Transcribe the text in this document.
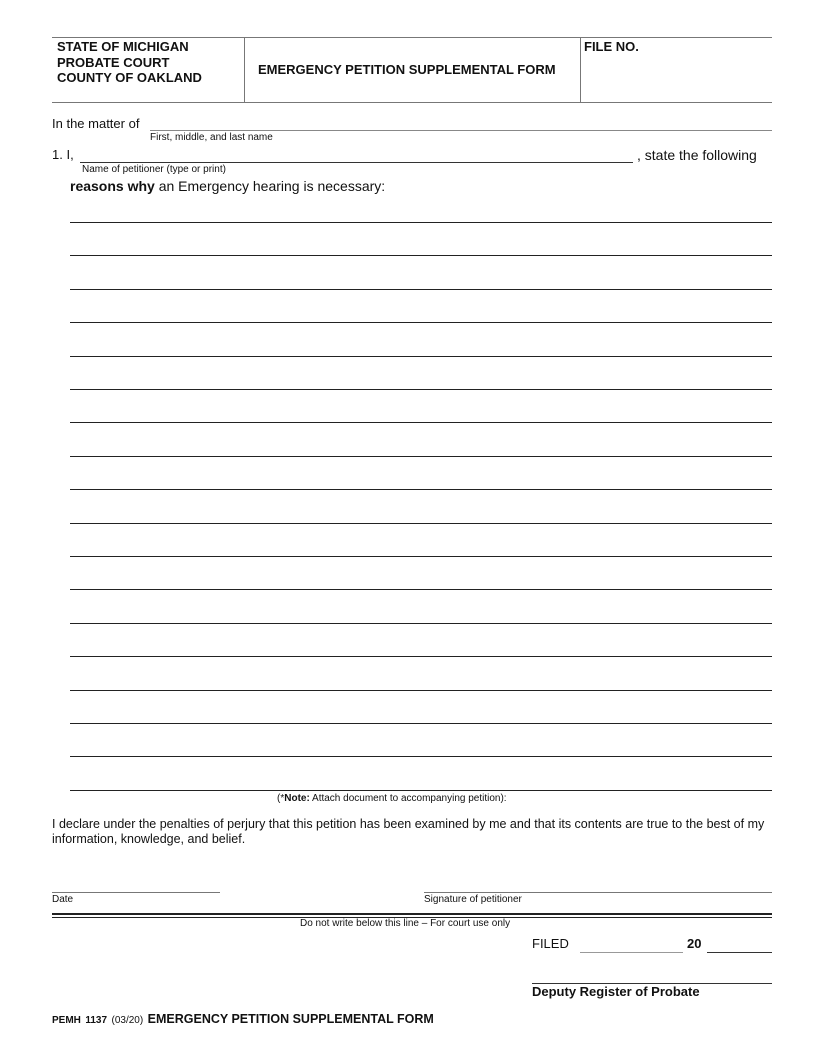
STATE OF MICHIGAN
PROBATE COURT
COUNTY OF OAKLAND
EMERGENCY PETITION SUPPLEMENTAL FORM
FILE NO.
In the matter of
First, middle, and last name
1. I,	, state the following
Name of petitioner (type or print)
reasons why an Emergency hearing is necessary:
(*Note: Attach document to accompanying petition):
I declare under the penalties of perjury that this petition has been examined by me and that its contents are true to the best of my information, knowledge, and belief.
Date	Signature of petitioner
Do not write below this line – For court use only
FILED	20
Deputy Register of Probate
PEMH 1137 (03/20) EMERGENCY PETITION SUPPLEMENTAL FORM
